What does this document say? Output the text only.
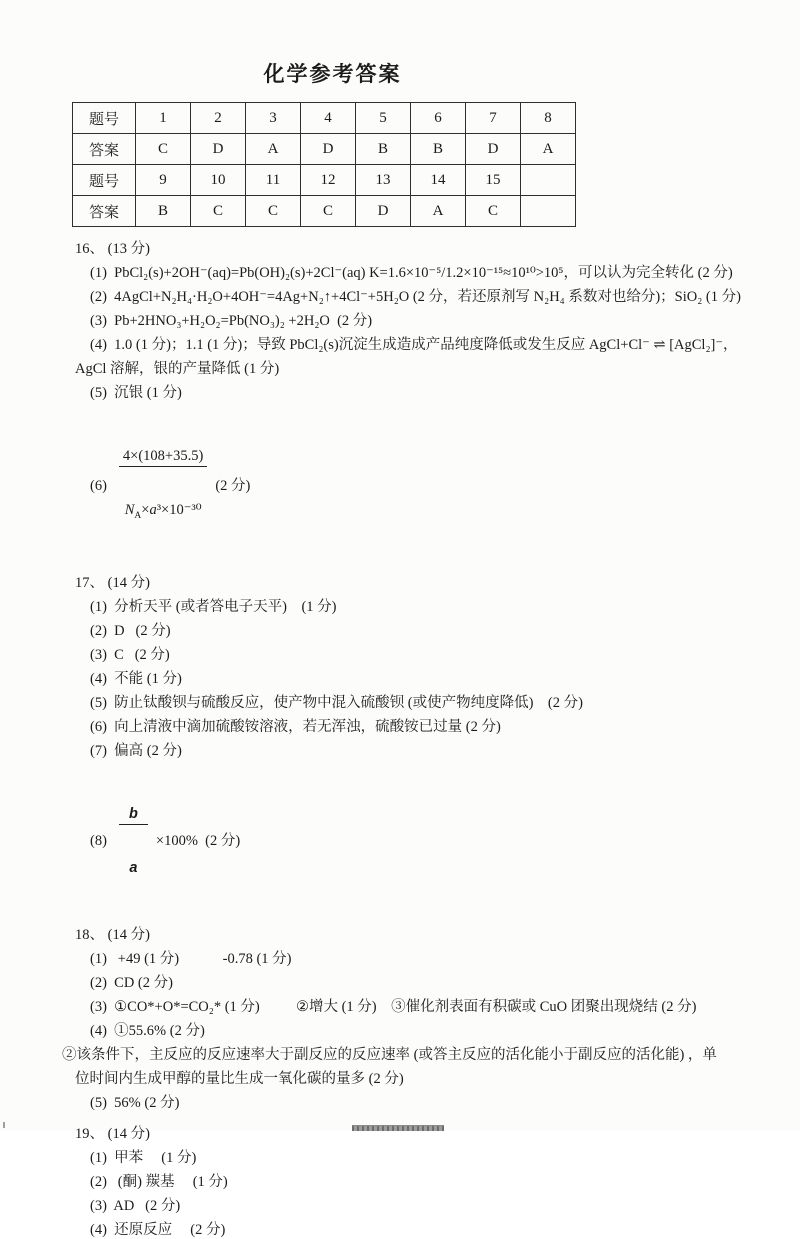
化学参考答案
题号	1	2	3	4	5	6	7	8
答案	C	D	A	D	B	B	D	A
题号	9	10	11	12	13	14	15	
答案	B	C	C	C	D	A	C	
16、 (13 分)
(1)  PbCl₂(s)+2OH⁻(aq)=Pb(OH)₂(s)+2Cl⁻(aq) K=1.6×10⁻⁵/1.2×10⁻¹⁵≈10¹⁰>10⁵，可以认为完全转化 (2 分)
(2)  4AgCl+N₂H₄·H₂O+4OH⁻=4Ag+N₂↑+4Cl⁻+5H₂O (2 分，若还原剂写 N₂H₄ 系数对也给分)；SiO₂ (1 分)
(3)  Pb+2HNO₃+H₂O₂=Pb(NO₃)₂ +2H₂O  (2 分)
(4)  1.0 (1 分)；1.1 (1 分)；导致 PbCl₂(s)沉淀生成造成产品纯度降低或发生反应 AgCl+Cl⁻ ⇌ [AgCl₂]⁻，
AgCl 溶解，银的产量降低 (1 分)
(5)  沉银 (1 分)
(6)

$\frac{4\times(108+35.5)}{N_A\times a^3\times 10^{-30}}$

(2 分)
17、 (14 分)
(1)  分析天平 (或者答电子天平)    (1 分)
(2)  D   (2 分)
(3)  C   (2 分)
(4)  不能 (1 分)
(5)  防止钛酸钡与硫酸反应，使产物中混入硫酸钡 (或使产物纯度降低)    (2 分)
(6)  向上清液中滴加硫酸铵溶液，若无浑浊，硫酸铵已过量 (2 分)
(7)  偏高 (2 分)
(8)

$\frac{b}{a}$

×100%  (2 分)
18、 (14 分)
(1)   +49 (1 分)            -0.78 (1 分)
(2)  CD (2 分)
(3)  ①CO*+O*=CO₂* (1 分)          ②增大 (1 分)    ③催化剂表面有积碳或 CuO 团聚出现烧结 (2 分)
(4)  ①55.6% (2 分)
②该条件下，主反应的反应速率大于副反应的反应速率 (或答主反应的活化能小于副反应的活化能) ，单
位时间内生成甲醇的量比生成一氧化碳的量多 (2 分)
(5)  56% (2 分)
19、 (14 分)
(1)  甲苯     (1 分)
(2)   (酮) 羰基     (1 分)
(3)  AD   (2 分)
(4)  还原反应     (2 分)
